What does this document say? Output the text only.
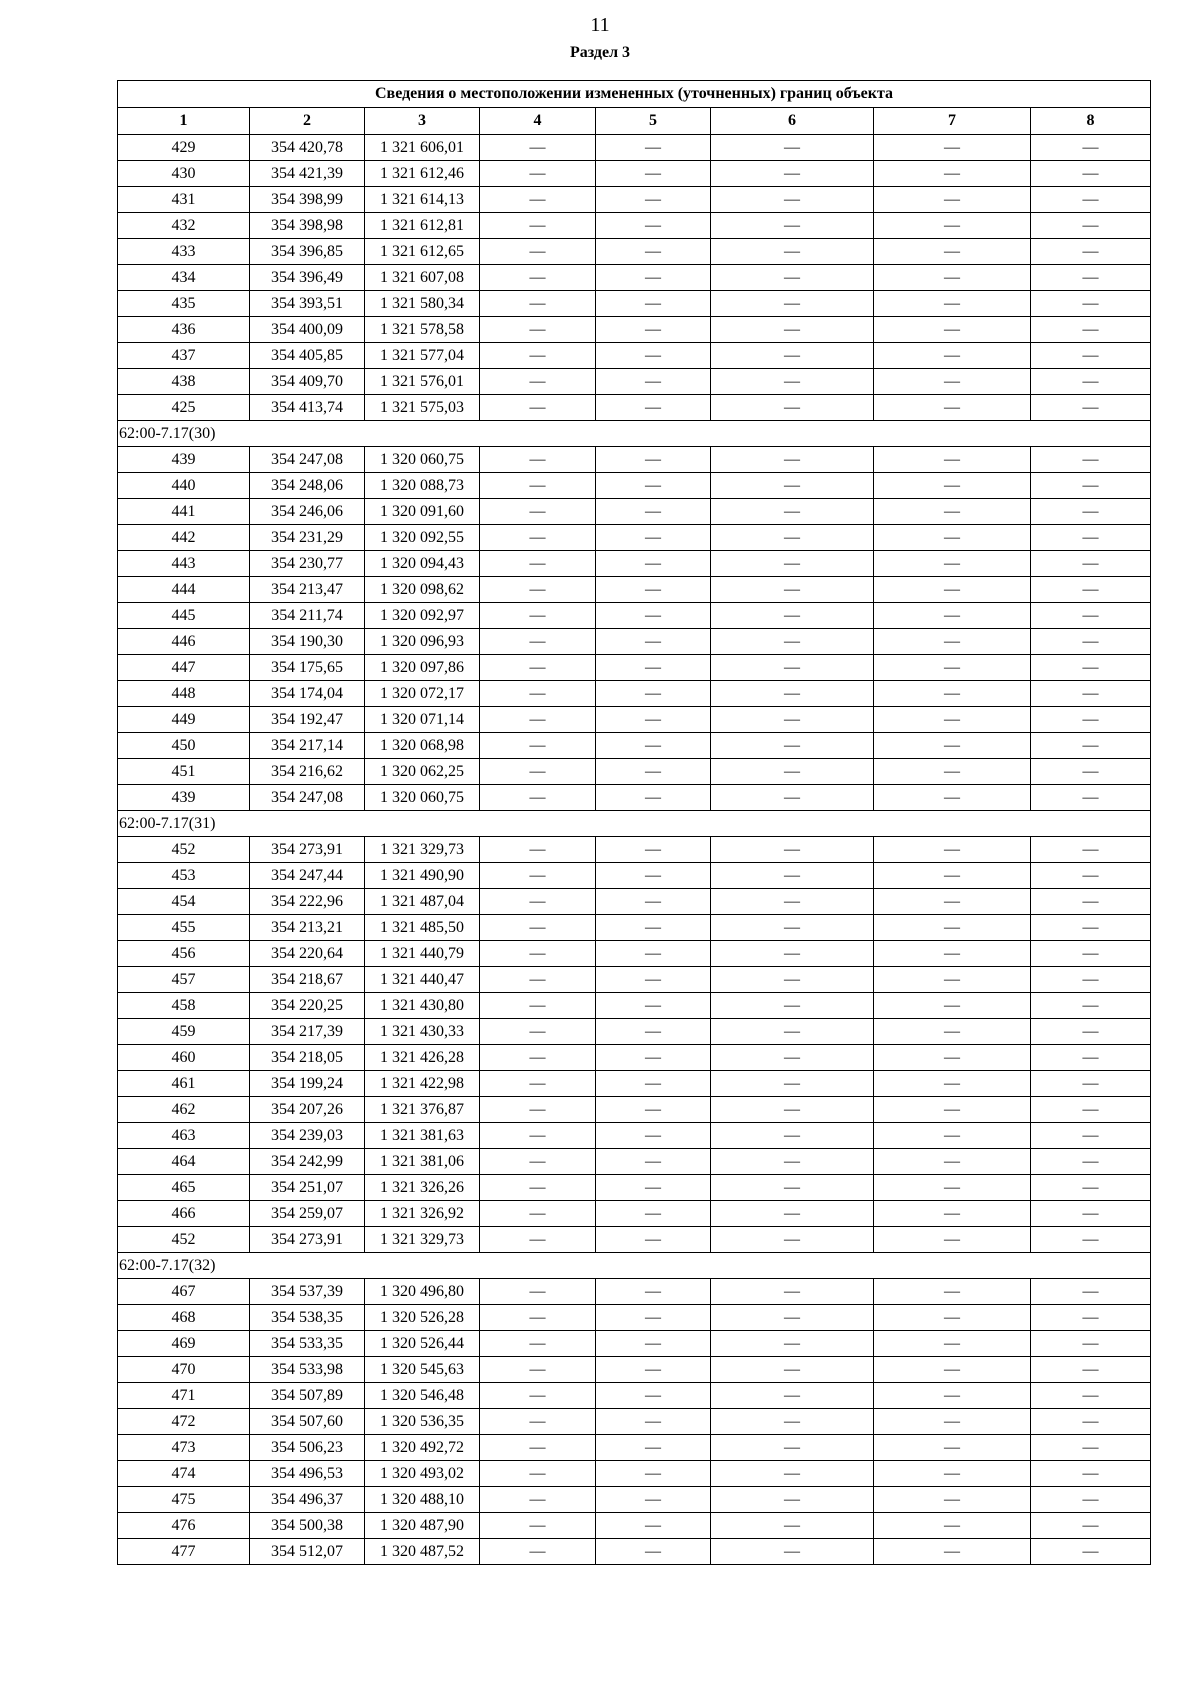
11
Раздел 3
Сведения о местоположении измененных (уточненных) границ объекта							
1	2	3	4	5	6	7	8
429	354 420,78	1 321 606,01	—	—	—	—	—
430	354 421,39	1 321 612,46	—	—	—	—	—
431	354 398,99	1 321 614,13	—	—	—	—	—
432	354 398,98	1 321 612,81	—	—	—	—	—
433	354 396,85	1 321 612,65	—	—	—	—	—
434	354 396,49	1 321 607,08	—	—	—	—	—
435	354 393,51	1 321 580,34	—	—	—	—	—
436	354 400,09	1 321 578,58	—	—	—	—	—
437	354 405,85	1 321 577,04	—	—	—	—	—
438	354 409,70	1 321 576,01	—	—	—	—	—
425	354 413,74	1 321 575,03	—	—	—	—	—
62:00-7.17(30)							
439	354 247,08	1 320 060,75	—	—	—	—	—
440	354 248,06	1 320 088,73	—	—	—	—	—
441	354 246,06	1 320 091,60	—	—	—	—	—
442	354 231,29	1 320 092,55	—	—	—	—	—
443	354 230,77	1 320 094,43	—	—	—	—	—
444	354 213,47	1 320 098,62	—	—	—	—	—
445	354 211,74	1 320 092,97	—	—	—	—	—
446	354 190,30	1 320 096,93	—	—	—	—	—
447	354 175,65	1 320 097,86	—	—	—	—	—
448	354 174,04	1 320 072,17	—	—	—	—	—
449	354 192,47	1 320 071,14	—	—	—	—	—
450	354 217,14	1 320 068,98	—	—	—	—	—
451	354 216,62	1 320 062,25	—	—	—	—	—
439	354 247,08	1 320 060,75	—	—	—	—	—
62:00-7.17(31)							
452	354 273,91	1 321 329,73	—	—	—	—	—
453	354 247,44	1 321 490,90	—	—	—	—	—
454	354 222,96	1 321 487,04	—	—	—	—	—
455	354 213,21	1 321 485,50	—	—	—	—	—
456	354 220,64	1 321 440,79	—	—	—	—	—
457	354 218,67	1 321 440,47	—	—	—	—	—
458	354 220,25	1 321 430,80	—	—	—	—	—
459	354 217,39	1 321 430,33	—	—	—	—	—
460	354 218,05	1 321 426,28	—	—	—	—	—
461	354 199,24	1 321 422,98	—	—	—	—	—
462	354 207,26	1 321 376,87	—	—	—	—	—
463	354 239,03	1 321 381,63	—	—	—	—	—
464	354 242,99	1 321 381,06	—	—	—	—	—
465	354 251,07	1 321 326,26	—	—	—	—	—
466	354 259,07	1 321 326,92	—	—	—	—	—
452	354 273,91	1 321 329,73	—	—	—	—	—
62:00-7.17(32)							
467	354 537,39	1 320 496,80	—	—	—	—	—
468	354 538,35	1 320 526,28	—	—	—	—	—
469	354 533,35	1 320 526,44	—	—	—	—	—
470	354 533,98	1 320 545,63	—	—	—	—	—
471	354 507,89	1 320 546,48	—	—	—	—	—
472	354 507,60	1 320 536,35	—	—	—	—	—
473	354 506,23	1 320 492,72	—	—	—	—	—
474	354 496,53	1 320 493,02	—	—	—	—	—
475	354 496,37	1 320 488,10	—	—	—	—	—
476	354 500,38	1 320 487,90	—	—	—	—	—
477	354 512,07	1 320 487,52	—	—	—	—	—
